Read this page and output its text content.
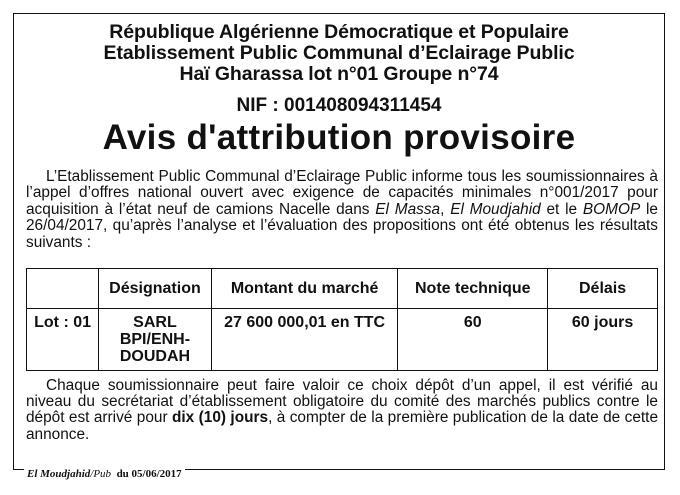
République Algérienne Démocratique et Populaire
Etablissement Public Communal d’Eclairage Public
Haï Gharassa lot n°01 Groupe n°74
NIF : 001408094311454
Avis d'attribution provisoire
L’Etablissement Public Communal d’Eclairage Public informe tous les soumissionnaires à l’appel d’offres national ouvert avec exigence de capacités minimales n°001/2017 pour acquisition à l’état neuf de camions Nacelle dans El Massa, El Moudjahid et le BOMOP le 26/04/2017, qu’après l’analyse et l’évaluation des propositions ont été obtenus les résultats suivants :
	Désignation	Montant du marché	Note technique	Délais
Lot : 01	SARL BPI/ENH-DOUDAH	27 600 000,01 en TTC	60	60 jours
Chaque soumissionnaire peut faire valoir ce choix dépôt d’un appel, il est vérifié au niveau du secrétariat d’établissement obligatoire du comité des marchés publics contre le dépôt est arrivé pour dix (10) jours, à compter de la première publication de la date de cette annonce.
El Moudjahid/Pub du 05/06/2017
